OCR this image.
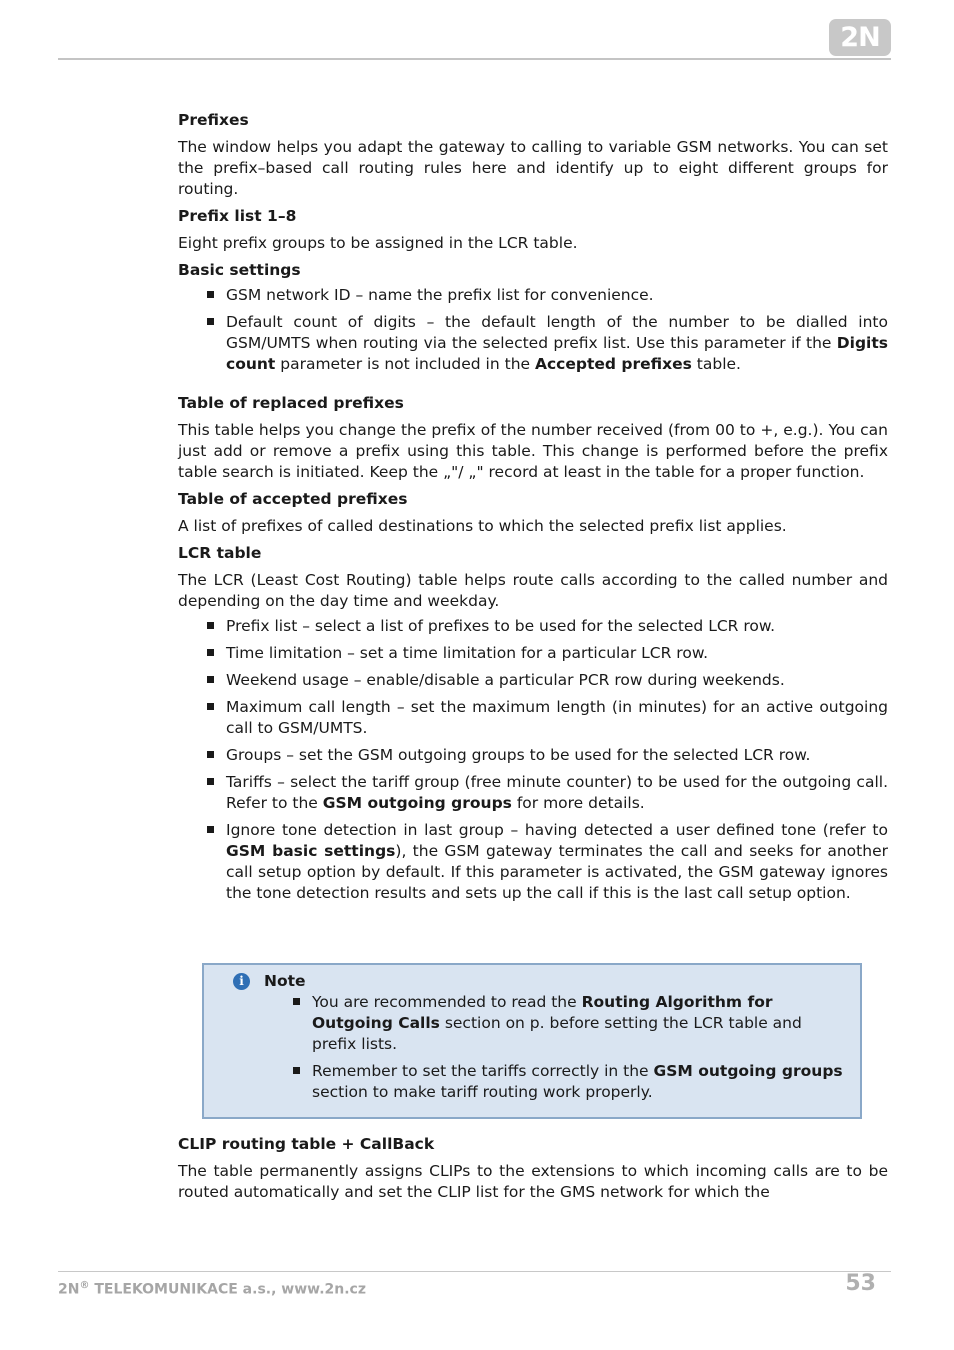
2N

Prefixes

The window helps you adapt the gateway to calling to variable GSM networks. You can set the prefix–based call routing rules here and identify up to eight different groups for routing.

Prefix list 1–8

Eight prefix groups to be assigned in the LCR table.

Basic settings

GSM network ID – name the prefix list for convenience.
Default count of digits – the default length of the number to be dialled into GSM/UMTS when routing via the selected prefix list. Use this parameter if the Digits count parameter is not included in the Accepted prefixes table.

Table of replaced prefixes

This table helps you change the prefix of the number received (from 00 to +, e.g.). You can just add or remove a prefix using this table. This change is performed before the prefix table search is initiated. Keep the „"/ „" record at least in the table for a proper function.

Table of accepted prefixes

A list of prefixes of called destinations to which the selected prefix list applies.

LCR table

The LCR (Least Cost Routing) table helps route calls according to the called number and depending on the day time and weekday.

Prefix list – select a list of prefixes to be used for the selected LCR row.
Time limitation – set a time limitation for a particular LCR row.
Weekend usage – enable/disable a particular PCR row during weekends.
Maximum call length – set the maximum length (in minutes) for an active outgoing call to GSM/UMTS.
Groups – set the GSM outgoing groups to be used for the selected LCR row.
Tariffs – select the tariff group (free minute counter) to be used for the outgoing call. Refer to the GSM outgoing groups for more details.
Ignore tone detection in last group – having detected a user defined tone (refer to GSM basic settings), the GSM gateway terminates the call and seeks for another call setup option by default. If this parameter is activated, the GSM gateway ignores the tone detection results and sets up the call if this is the last call setup option.
i	Note
You are recommended to read the Routing Algorithm for Outgoing Calls section on p. before setting the LCR table and prefix lists.
Remember to set the tariffs correctly in the GSM outgoing groups section to make tariff routing work properly.

CLIP routing table + CallBack

The table permanently assigns CLIPs to the extensions to which incoming calls are to be routed automatically and set the CLIP list for the GMS network for which the

2N® TELEKOMUNIKACE a.s., www.2n.cz	53
